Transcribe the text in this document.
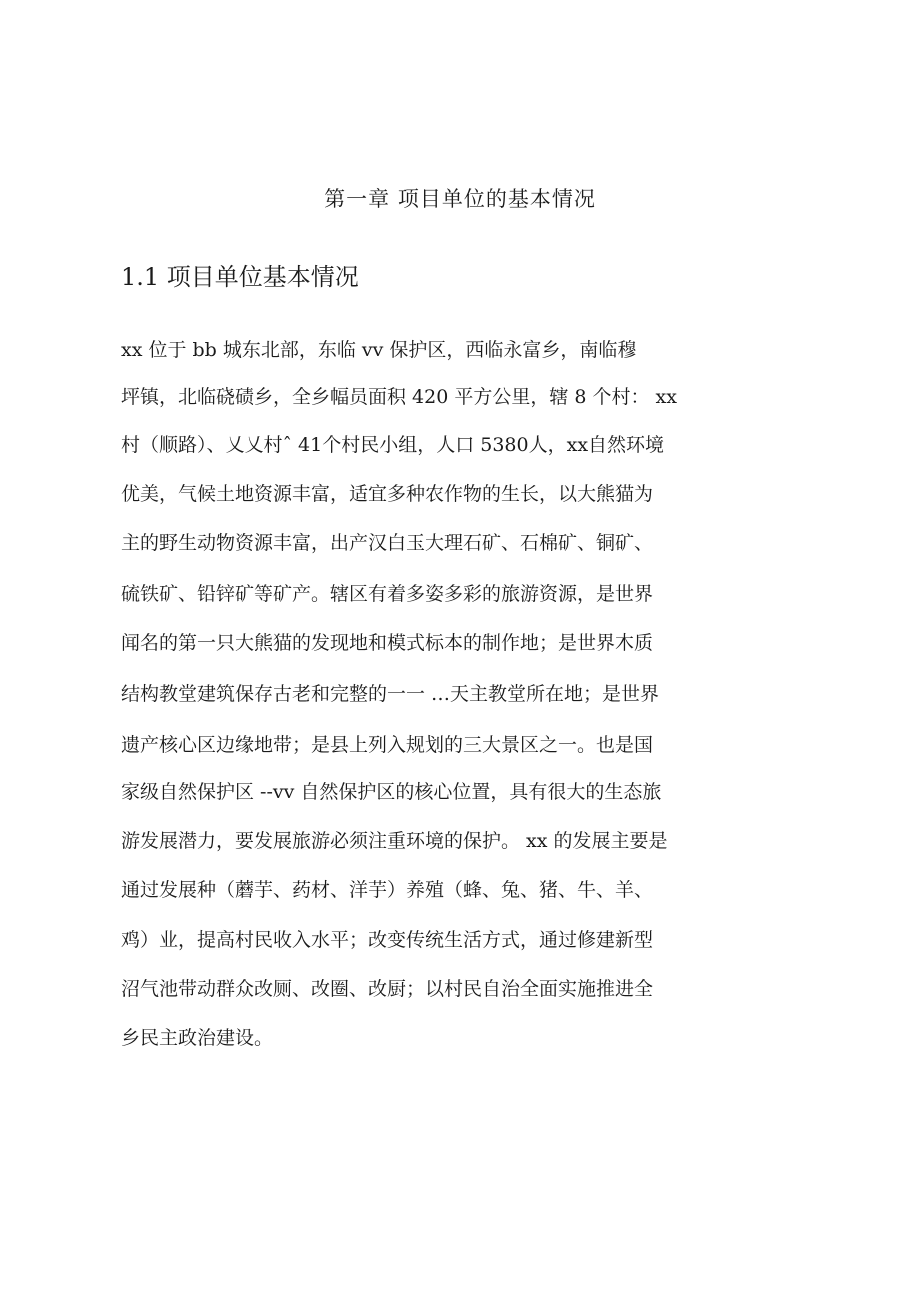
第一章 项目单位的基本情况
1.1 项目单位基本情况
xx 位于 bb 城东北部，东临 vv 保护区，西临永富乡，南临穆
坪镇，北临硗碛乡，全乡幅员面积 420 平方公里，辖 8 个村： xx
村（顺路）、乂乂村ˆ 41个村民小组，人口 5380人，xx自然环境
优美，气候土地资源丰富，适宜多种农作物的生长，以大熊猫为
主的野生动物资源丰富，出产汉白玉大理石矿、石棉矿、铜矿、
硫铁矿、铅锌矿等矿产。辖区有着多姿多彩的旅游资源，是世界
闻名的第一只大熊猫的发现地和模式标本的制作地；是世界木质
结构教堂建筑保存古老和完整的一一 …天主教堂所在地；是世界
遗产核心区边缘地带；是县上列入规划的三大景区之一。也是国
家级自然保护区 --vv 自然保护区的核心位置，具有很大的生态旅
游发展潜力，要发展旅游必须注重环境的保护。 xx 的发展主要是
通过发展种（蘑芋、药材、洋芋）养殖（蜂、兔、猪、牛、羊、
鸡）业，提高村民收入水平；改变传统生活方式，通过修建新型
沼气池带动群众改厕、改圈、改厨；以村民自治全面实施推进全
乡民主政治建设。
